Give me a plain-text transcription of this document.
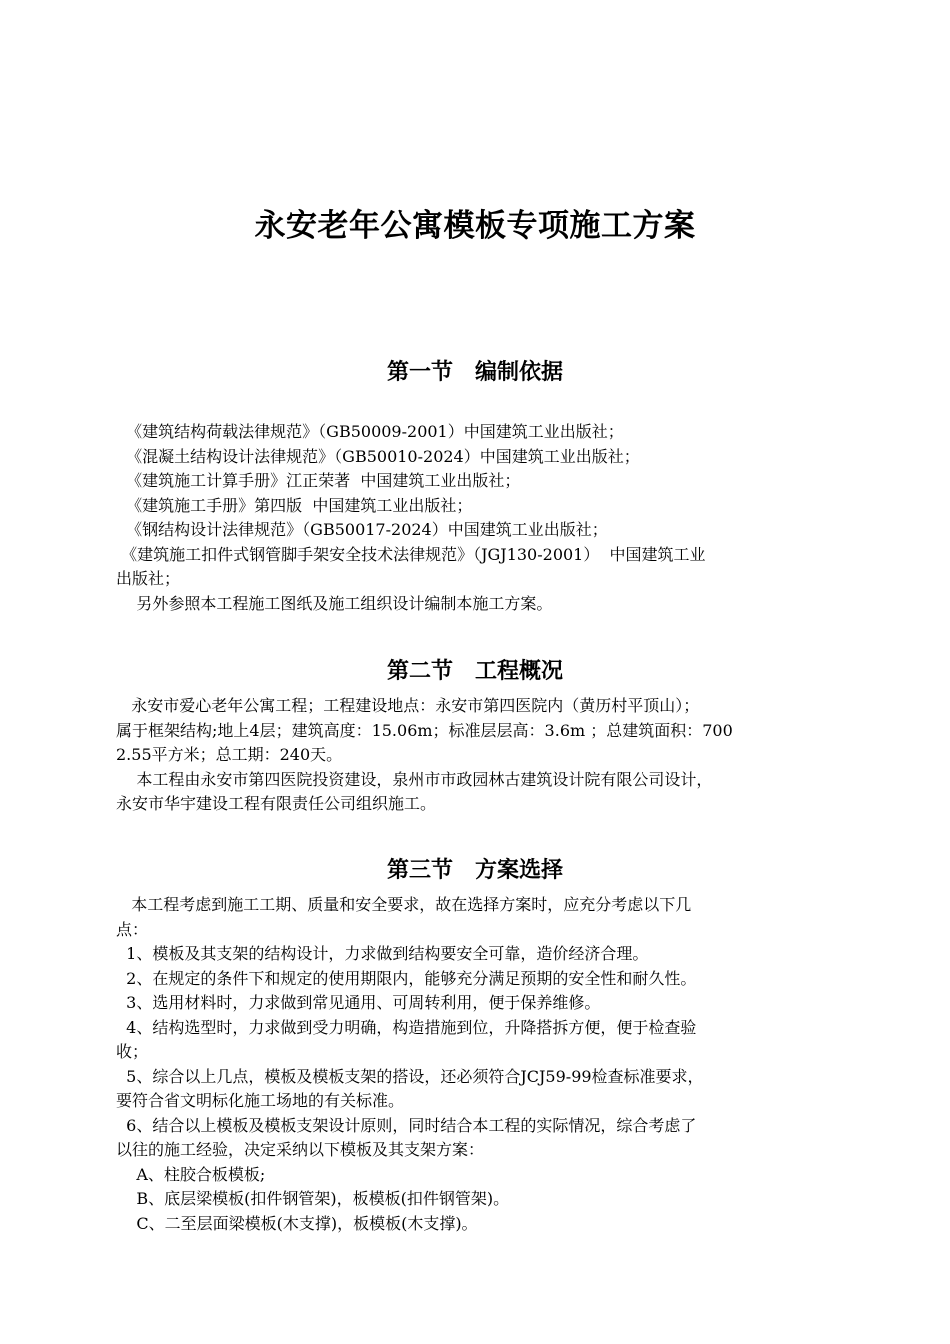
永安老年公寓模板专项施工方案
第一节 编制依据
《建筑结构荷载法律规范》（GB50009-2001）中国建筑工业出版社；
《混凝土结构设计法律规范》（GB50010-2024）中国建筑工业出版社；
《建筑施工计算手册》江正荣著  中国建筑工业出版社；
《建筑施工手册》第四版  中国建筑工业出版社；
《钢结构设计法律规范》（GB50017-2024）中国建筑工业出版社；
《建筑施工扣件式钢管脚手架安全技术法律规范》（JGJ130-2001）  中国建筑工业
出版社；
另外参照本工程施工图纸及施工组织设计编制本施工方案。
第二节 工程概况
永安市爱心老年公寓工程；工程建设地点：永安市第四医院内（黄历村平顶山）；
属于框架结构;地上4层；建筑高度：15.06m；标准层层高：3.6m ；总建筑面积：700
2.55平方米；总工期：240天。
本工程由永安市第四医院投资建设，泉州市市政园林古建筑设计院有限公司设计，
永安市华宇建设工程有限责任公司组织施工。
第三节 方案选择
本工程考虑到施工工期、质量和安全要求，故在选择方案时，应充分考虑以下几
点：
1、模板及其支架的结构设计，力求做到结构要安全可靠，造价经济合理。
2、在规定的条件下和规定的使用期限内，能够充分满足预期的安全性和耐久性。
3、选用材料时，力求做到常见通用、可周转利用，便于保养维修。
4、结构选型时，力求做到受力明确，构造措施到位，升降搭拆方便，便于检查验
收；
5、综合以上几点，模板及模板支架的搭设，还必须符合JCJ59-99检查标准要求，
要符合省文明标化施工场地的有关标准。
6、结合以上模板及模板支架设计原则，同时结合本工程的实际情况，综合考虑了
以往的施工经验，决定采纳以下模板及其支架方案：
A、柱胶合板模板;
B、底层梁模板(扣件钢管架)，板模板(扣件钢管架)。
C、二至层面梁模板(木支撑)，板模板(木支撑)。
